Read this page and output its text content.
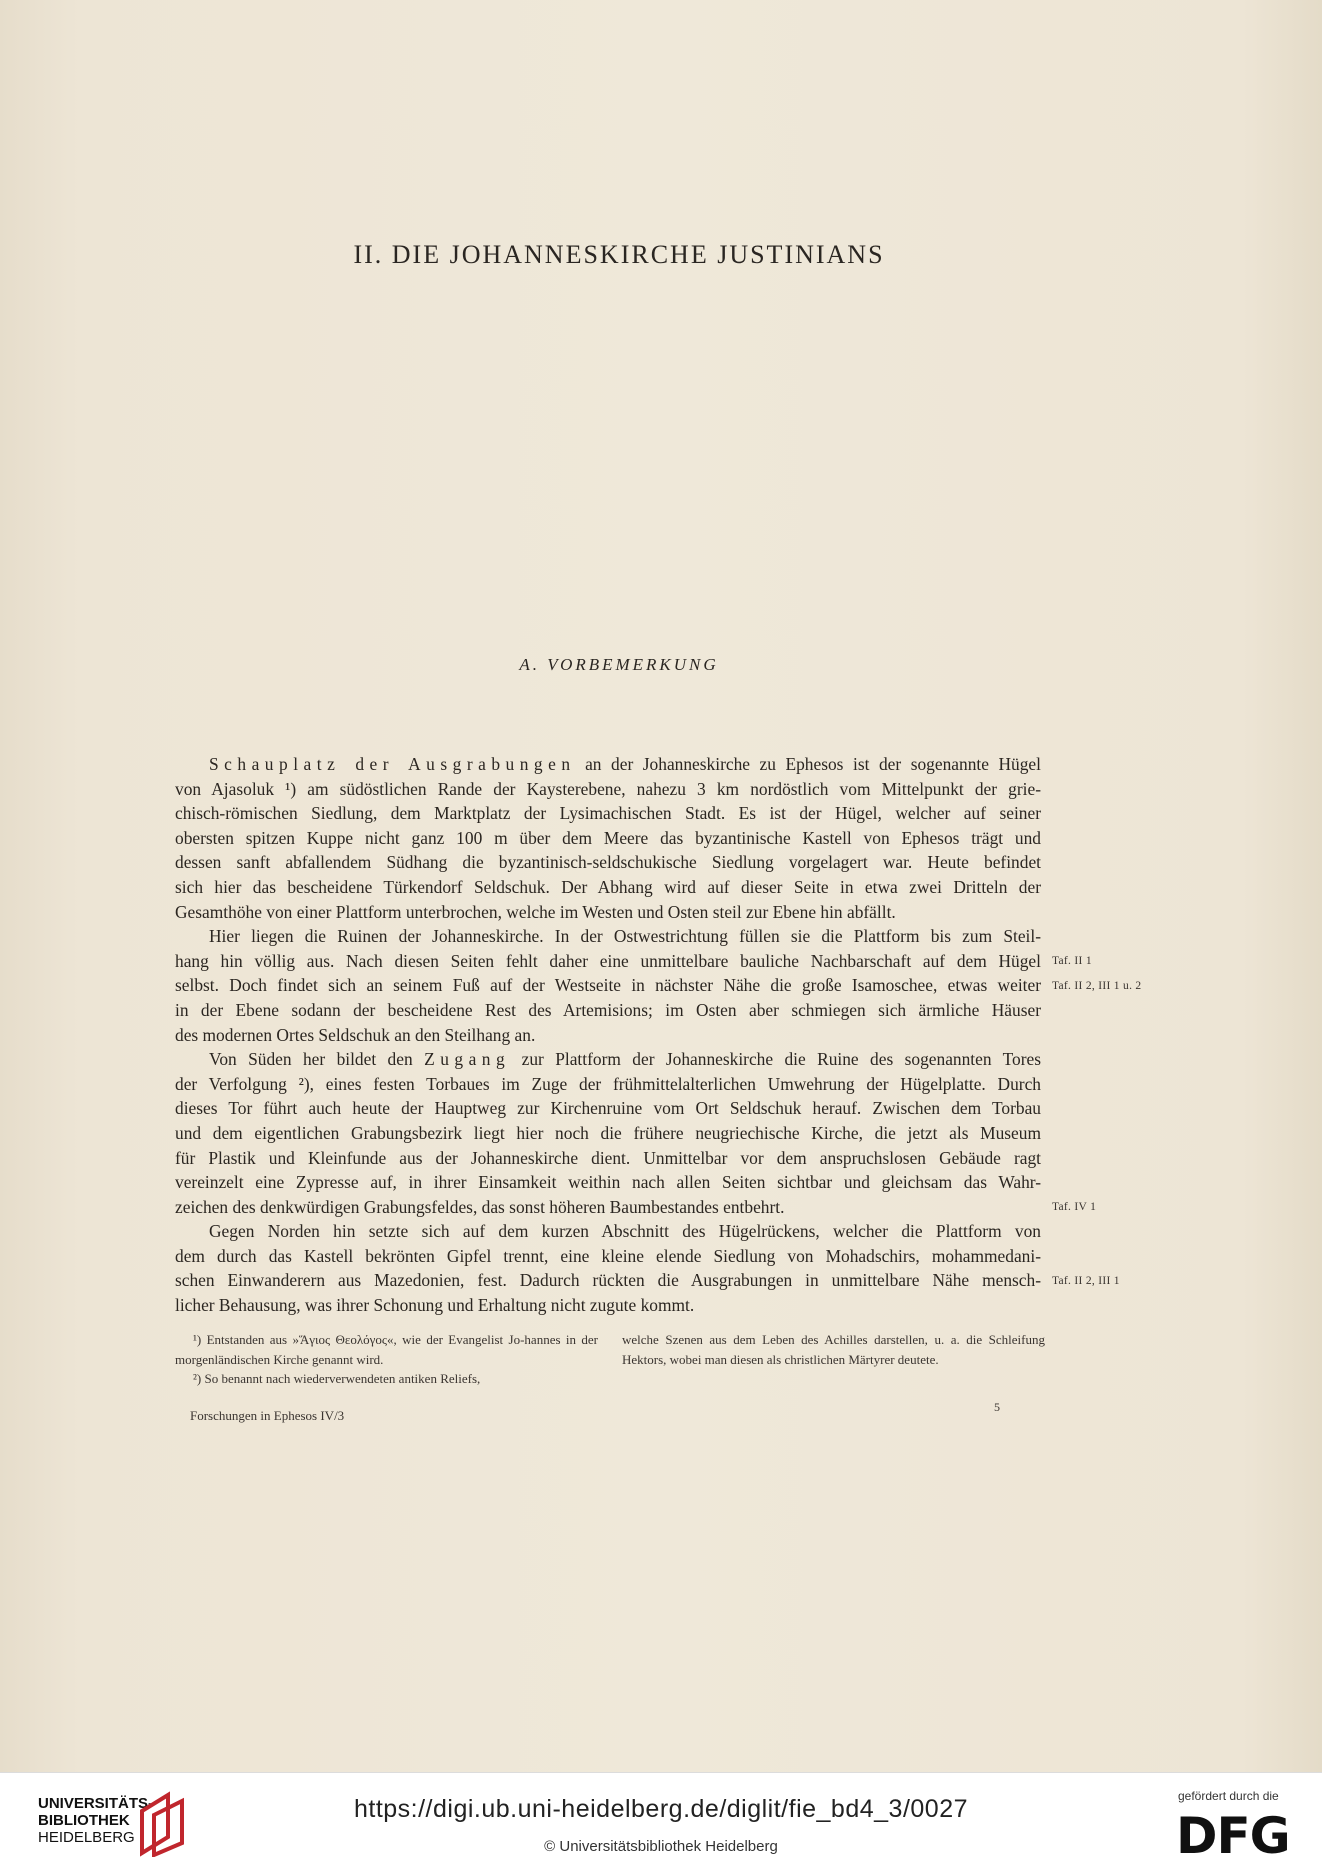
II. DIE JOHANNESKIRCHE JUSTINIANS
A. VORBEMERKUNG
Schauplatz der Ausgrabungen an der Johanneskirche zu Ephesos ist der sogenannte Hügel
von Ajasoluk ¹) am südöstlichen Rande der Kaysterebene, nahezu 3 km nordöstlich vom Mittelpunkt der grie-
chisch-römischen Siedlung, dem Marktplatz der Lysimachischen Stadt. Es ist der Hügel, welcher auf seiner
obersten spitzen Kuppe nicht ganz 100 m über dem Meere das byzantinische Kastell von Ephesos trägt und
dessen sanft abfallendem Südhang die byzantinisch-seldschukische Siedlung vorgelagert war. Heute befindet
sich hier das bescheidene Türkendorf Seldschuk. Der Abhang wird auf dieser Seite in etwa zwei Dritteln der
Gesamthöhe von einer Plattform unterbrochen, welche im Westen und Osten steil zur Ebene hin abfällt.
Hier liegen die Ruinen der Johanneskirche. In der Ostwestrichtung füllen sie die Plattform bis zum Steil-
hang hin völlig aus. Nach diesen Seiten fehlt daher eine unmittelbare bauliche Nachbarschaft auf dem Hügel
selbst. Doch findet sich an seinem Fuß auf der Westseite in nächster Nähe die große Isamoschee, etwas weiter
in der Ebene sodann der bescheidene Rest des Artemisions; im Osten aber schmiegen sich ärmliche Häuser
des modernen Ortes Seldschuk an den Steilhang an.
Von Süden her bildet den Zugang zur Plattform der Johanneskirche die Ruine des sogenannten Tores
der Verfolgung ²), eines festen Torbaues im Zuge der frühmittelalterlichen Umwehrung der Hügelplatte. Durch
dieses Tor führt auch heute der Hauptweg zur Kirchenruine vom Ort Seldschuk herauf. Zwischen dem Torbau
und dem eigentlichen Grabungsbezirk liegt hier noch die frühere neugriechische Kirche, die jetzt als Museum
für Plastik und Kleinfunde aus der Johanneskirche dient. Unmittelbar vor dem anspruchslosen Gebäude ragt
vereinzelt eine Zypresse auf, in ihrer Einsamkeit weithin nach allen Seiten sichtbar und gleichsam das Wahr-
zeichen des denkwürdigen Grabungsfeldes, das sonst höheren Baumbestandes entbehrt.
Gegen Norden hin setzte sich auf dem kurzen Abschnitt des Hügelrückens, welcher die Plattform von
dem durch das Kastell bekrönten Gipfel trennt, eine kleine elende Siedlung von Mohadschirs, mohammedani-
schen Einwanderern aus Mazedonien, fest. Dadurch rückten die Ausgrabungen in unmittelbare Nähe mensch-
licher Behausung, was ihrer Schonung und Erhaltung nicht zugute kommt.
Taf. II 1
Taf. II 2, III 1 u. 2
Taf. IV 1
Taf. II 2, III 1

¹) Entstanden aus »Ἅγιος Θεολόγος«, wie der Evangelist Jo-hannes in der morgenländischen Kirche genannt wird.

²) So benannt nach wiederverwendeten antiken Reliefs,

welche Szenen aus dem Leben des Achilles darstellen, u. a. die Schleifung Hektors, wobei man diesen als christlichen Märtyrer deutete.

Forschungen in Ephesos IV/3
5
UNIVERSITÄTS-
BIBLIOTHEK
HEIDELBERG
https://digi.ub.uni-heidelberg.de/diglit/fie_bd4_3/0027
© Universitätsbibliothek Heidelberg
gefördert durch die
DFG
